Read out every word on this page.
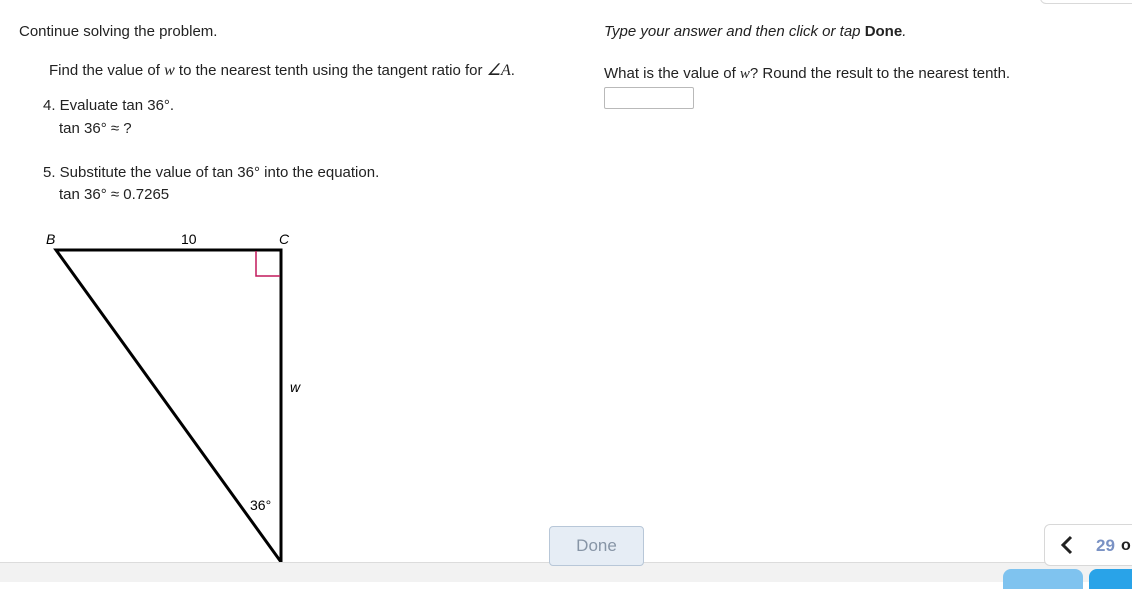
Continue solving the problem.
Find the value of w to the nearest tenth using the tangent ratio for ∠A.
4. Evaluate tan 36°.
tan 36° ≈ ?
5. Substitute the value of tan 36° into the equation.
tan 36° ≈ 0.7265
B	C
10
w
36°
Type your answer and then click or tap Done.
What is the value of w? Round the result to the nearest tenth.
Done	29 o
